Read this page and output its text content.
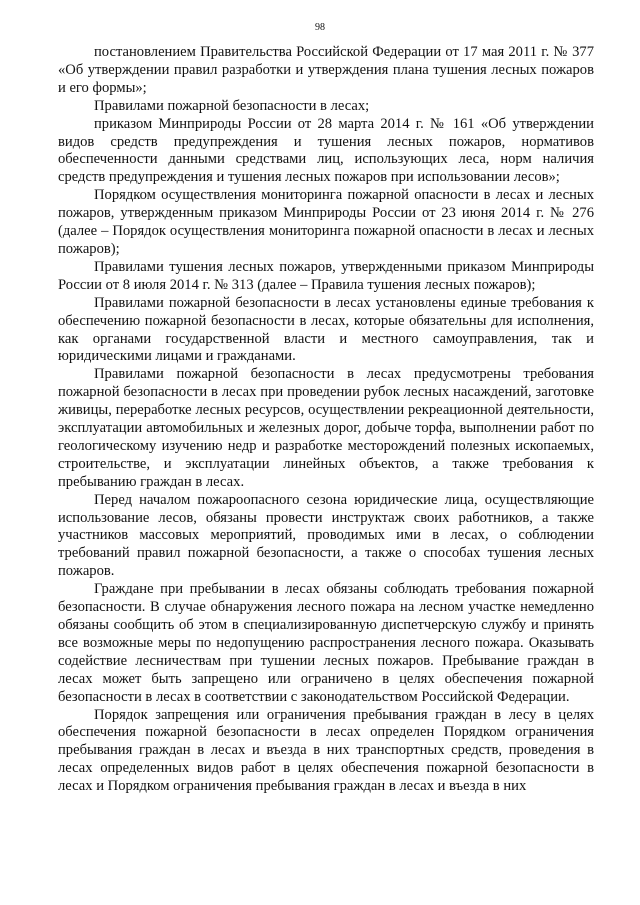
98

постановлением Правительства Российской Федерации от 17 мая 2011 г. № 377 «Об утверждении правил разработки и утверждения плана тушения лесных пожаров и его формы»;

Правилами пожарной безопасности в лесах;

приказом Минприроды России от 28 марта 2014 г. № 161 «Об утверждении видов средств предупреждения и тушения лесных пожаров, нормативов обеспеченности данными средствами лиц, использующих леса, норм наличия средств предупреждения и тушения лесных пожаров при использовании лесов»;

Порядком осуществления мониторинга пожарной опасности в лесах и лесных пожаров, утвержденным приказом Минприроды России от 23 июня 2014 г. № 276 (далее – Порядок осуществления мониторинга пожарной опасности в лесах и лесных пожаров);

Правилами тушения лесных пожаров, утвержденными приказом Минприроды России от 8 июля 2014 г. № 313 (далее – Правила тушения лесных пожаров);

Правилами пожарной безопасности в лесах установлены единые требования к обеспечению пожарной безопасности в лесах, которые обязательны для исполнения, как органами государственной власти и местного самоуправления, так и юридическими лицами и гражданами.

Правилами пожарной безопасности в лесах предусмотрены требования пожарной безопасности в лесах при проведении рубок лесных насаждений, заготовке живицы, переработке лесных ресурсов, осуществлении рекреационной деятельности, эксплуатации автомобильных и железных дорог, добыче торфа, выполнении работ по геологическому изучению недр и разработке месторождений полезных ископаемых, строительстве, и эксплуатации линейных объектов, а также требования к пребыванию граждан в лесах.

Перед началом пожароопасного сезона юридические лица, осуществляющие использование лесов, обязаны провести инструктаж своих работников, а также участников массовых мероприятий, проводимых ими в лесах, о соблюдении требований правил пожарной безопасности, а также о способах тушения лесных пожаров.

Граждане при пребывании в лесах обязаны соблюдать требования пожарной безопасности. В случае обнаружения лесного пожара на лесном участке немедленно обязаны сообщить об этом в специализированную диспетчерскую службу и принять все возможные меры по недопущению распространения лесного пожара. Оказывать содействие лесничествам при тушении лесных пожаров. Пребывание граждан в лесах может быть запрещено или ограничено в целях обеспечения пожарной безопасности в лесах в соответствии с законодательством Российской Федерации.

Порядок запрещения или ограничения пребывания граждан в лесу в целях обеспечения пожарной безопасности в лесах определен Порядком ограничения пребывания граждан в лесах и въезда в них транспортных средств, проведения в лесах определенных видов работ в целях обеспечения пожарной безопасности в лесах и Порядком ограничения пребывания граждан в лесах и въезда в них
